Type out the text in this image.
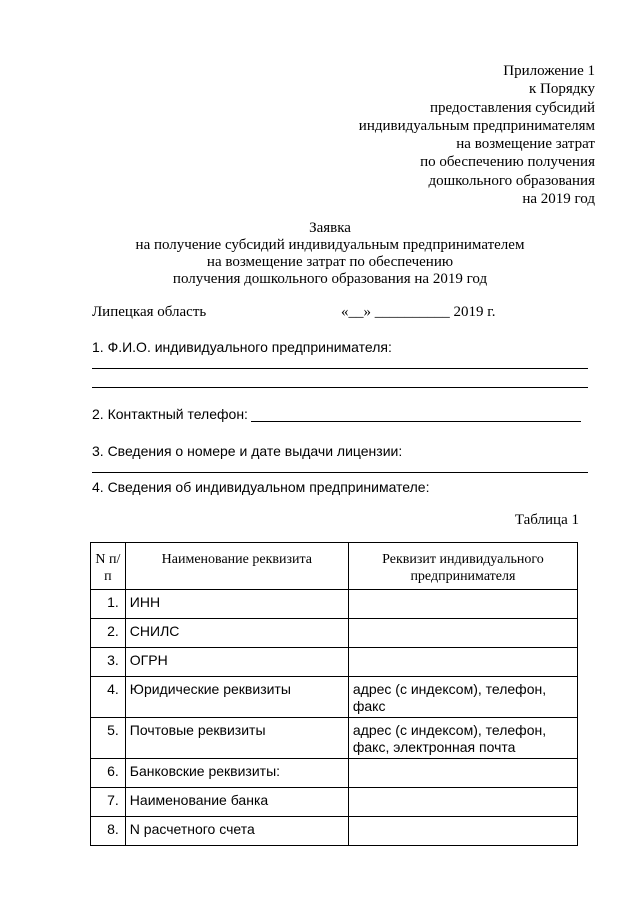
Приложение 1
к Порядку
предоставления субсидий
индивидуальным предпринимателям
на возмещение затрат
по обеспечению получения
дошкольного образования
на 2019 год
Заявка
на получение субсидий индивидуальным предпринимателем
на возмещение затрат по обеспечению
получения дошкольного образования на 2019 год
Липецкая область	«__» __________ 2019 г.
1. Ф.И.О. индивидуального предпринимателя:
2. Контактный телефон:
3. Сведения о номере и дате выдачи лицензии:
4. Сведения об индивидуальном предпринимателе:
Таблица 1
N п/п	Наименование реквизита	Реквизит индивидуального предпринимателя
1.	ИНН	
2.	СНИЛС	
3.	ОГРН	
4.	Юридические реквизиты	адрес (с индексом), телефон, факс
5.	Почтовые реквизиты	адрес (с индексом), телефон, факс, электронная почта
6.	Банковские реквизиты:	
7.	Наименование банка	
8.	N расчетного счета	
